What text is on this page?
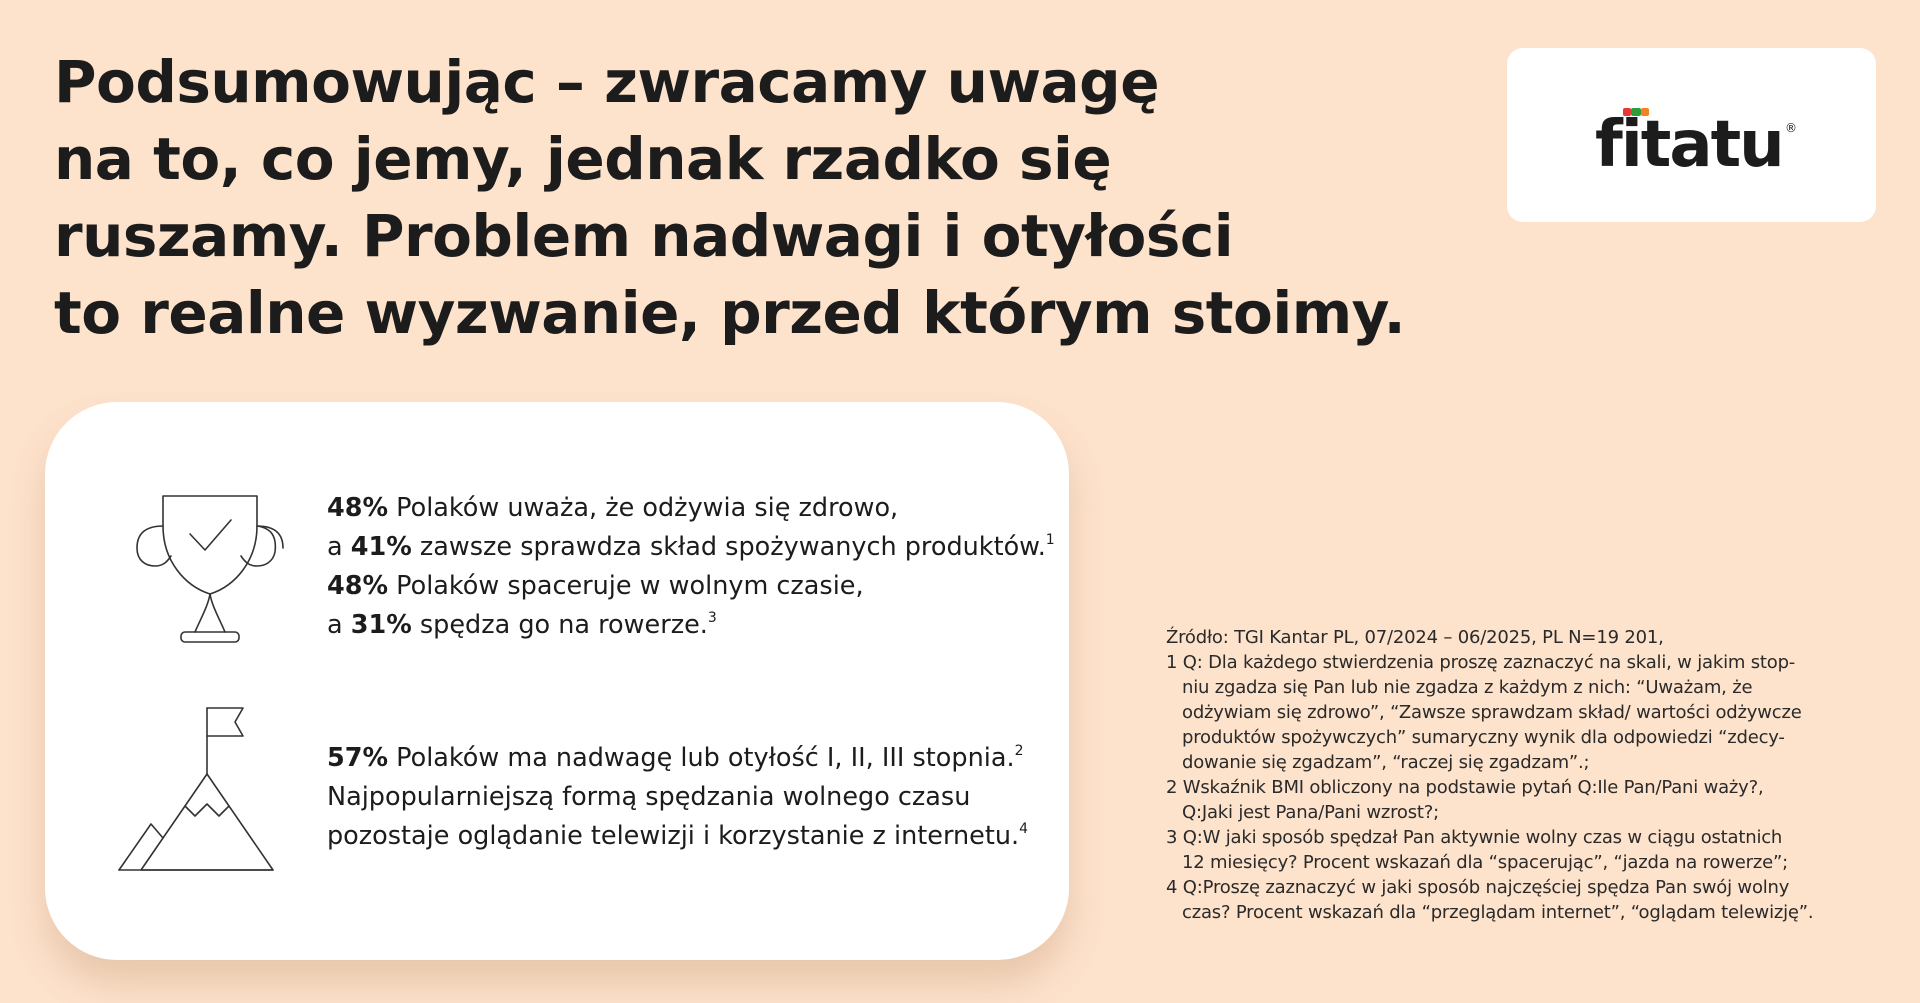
Podsumowując – zwracamy uwagę
na to, co jemy, jednak rzadko się
ruszamy. Problem nadwagi i otyłości
to realne wyzwanie, przed którym stoimy.
fitatu ®
48% Polaków uważa, że odżywia się zdrowo,
a 41% zawsze sprawdza skład spożywanych produktów.$^1$
48% Polaków spaceruje w wolnym czasie,
a 31% spędza go na rowerze.$^3$
57% Polaków ma nadwagę lub otyłość I, II, III stopnia.$^2$
Najpopularniejszą formą spędzania wolnego czasu
pozostaje oglądanie telewizji i korzystanie z internetu.$^4$
Źródło: TGI Kantar PL, 07/2024 – 06/2025, PL N=19 201,
1 Q: Dla każdego stwierdzenia proszę zaznaczyć na skali, w jakim stop-
niu zgadza się Pan lub nie zgadza z każdym z nich: “Uważam, że
odżywiam się zdrowo”, “Zawsze sprawdzam skład/ wartości odżywcze
produktów spożywczych” sumaryczny wynik dla odpowiedzi “zdecy-
dowanie się zgadzam”, “raczej się zgadzam”.;
2 Wskaźnik BMI obliczony na podstawie pytań Q:Ile Pan/Pani waży?,
Q:Jaki jest Pana/Pani wzrost?;
3 Q:W jaki sposób spędzał Pan aktywnie wolny czas w ciągu ostatnich
12 miesięcy? Procent wskazań dla “spacerując”, “jazda na rowerze”;
4 Q:Proszę zaznaczyć w jaki sposób najczęściej spędza Pan swój wolny
czas? Procent wskazań dla “przeglądam internet”, “oglądam telewizję”.
